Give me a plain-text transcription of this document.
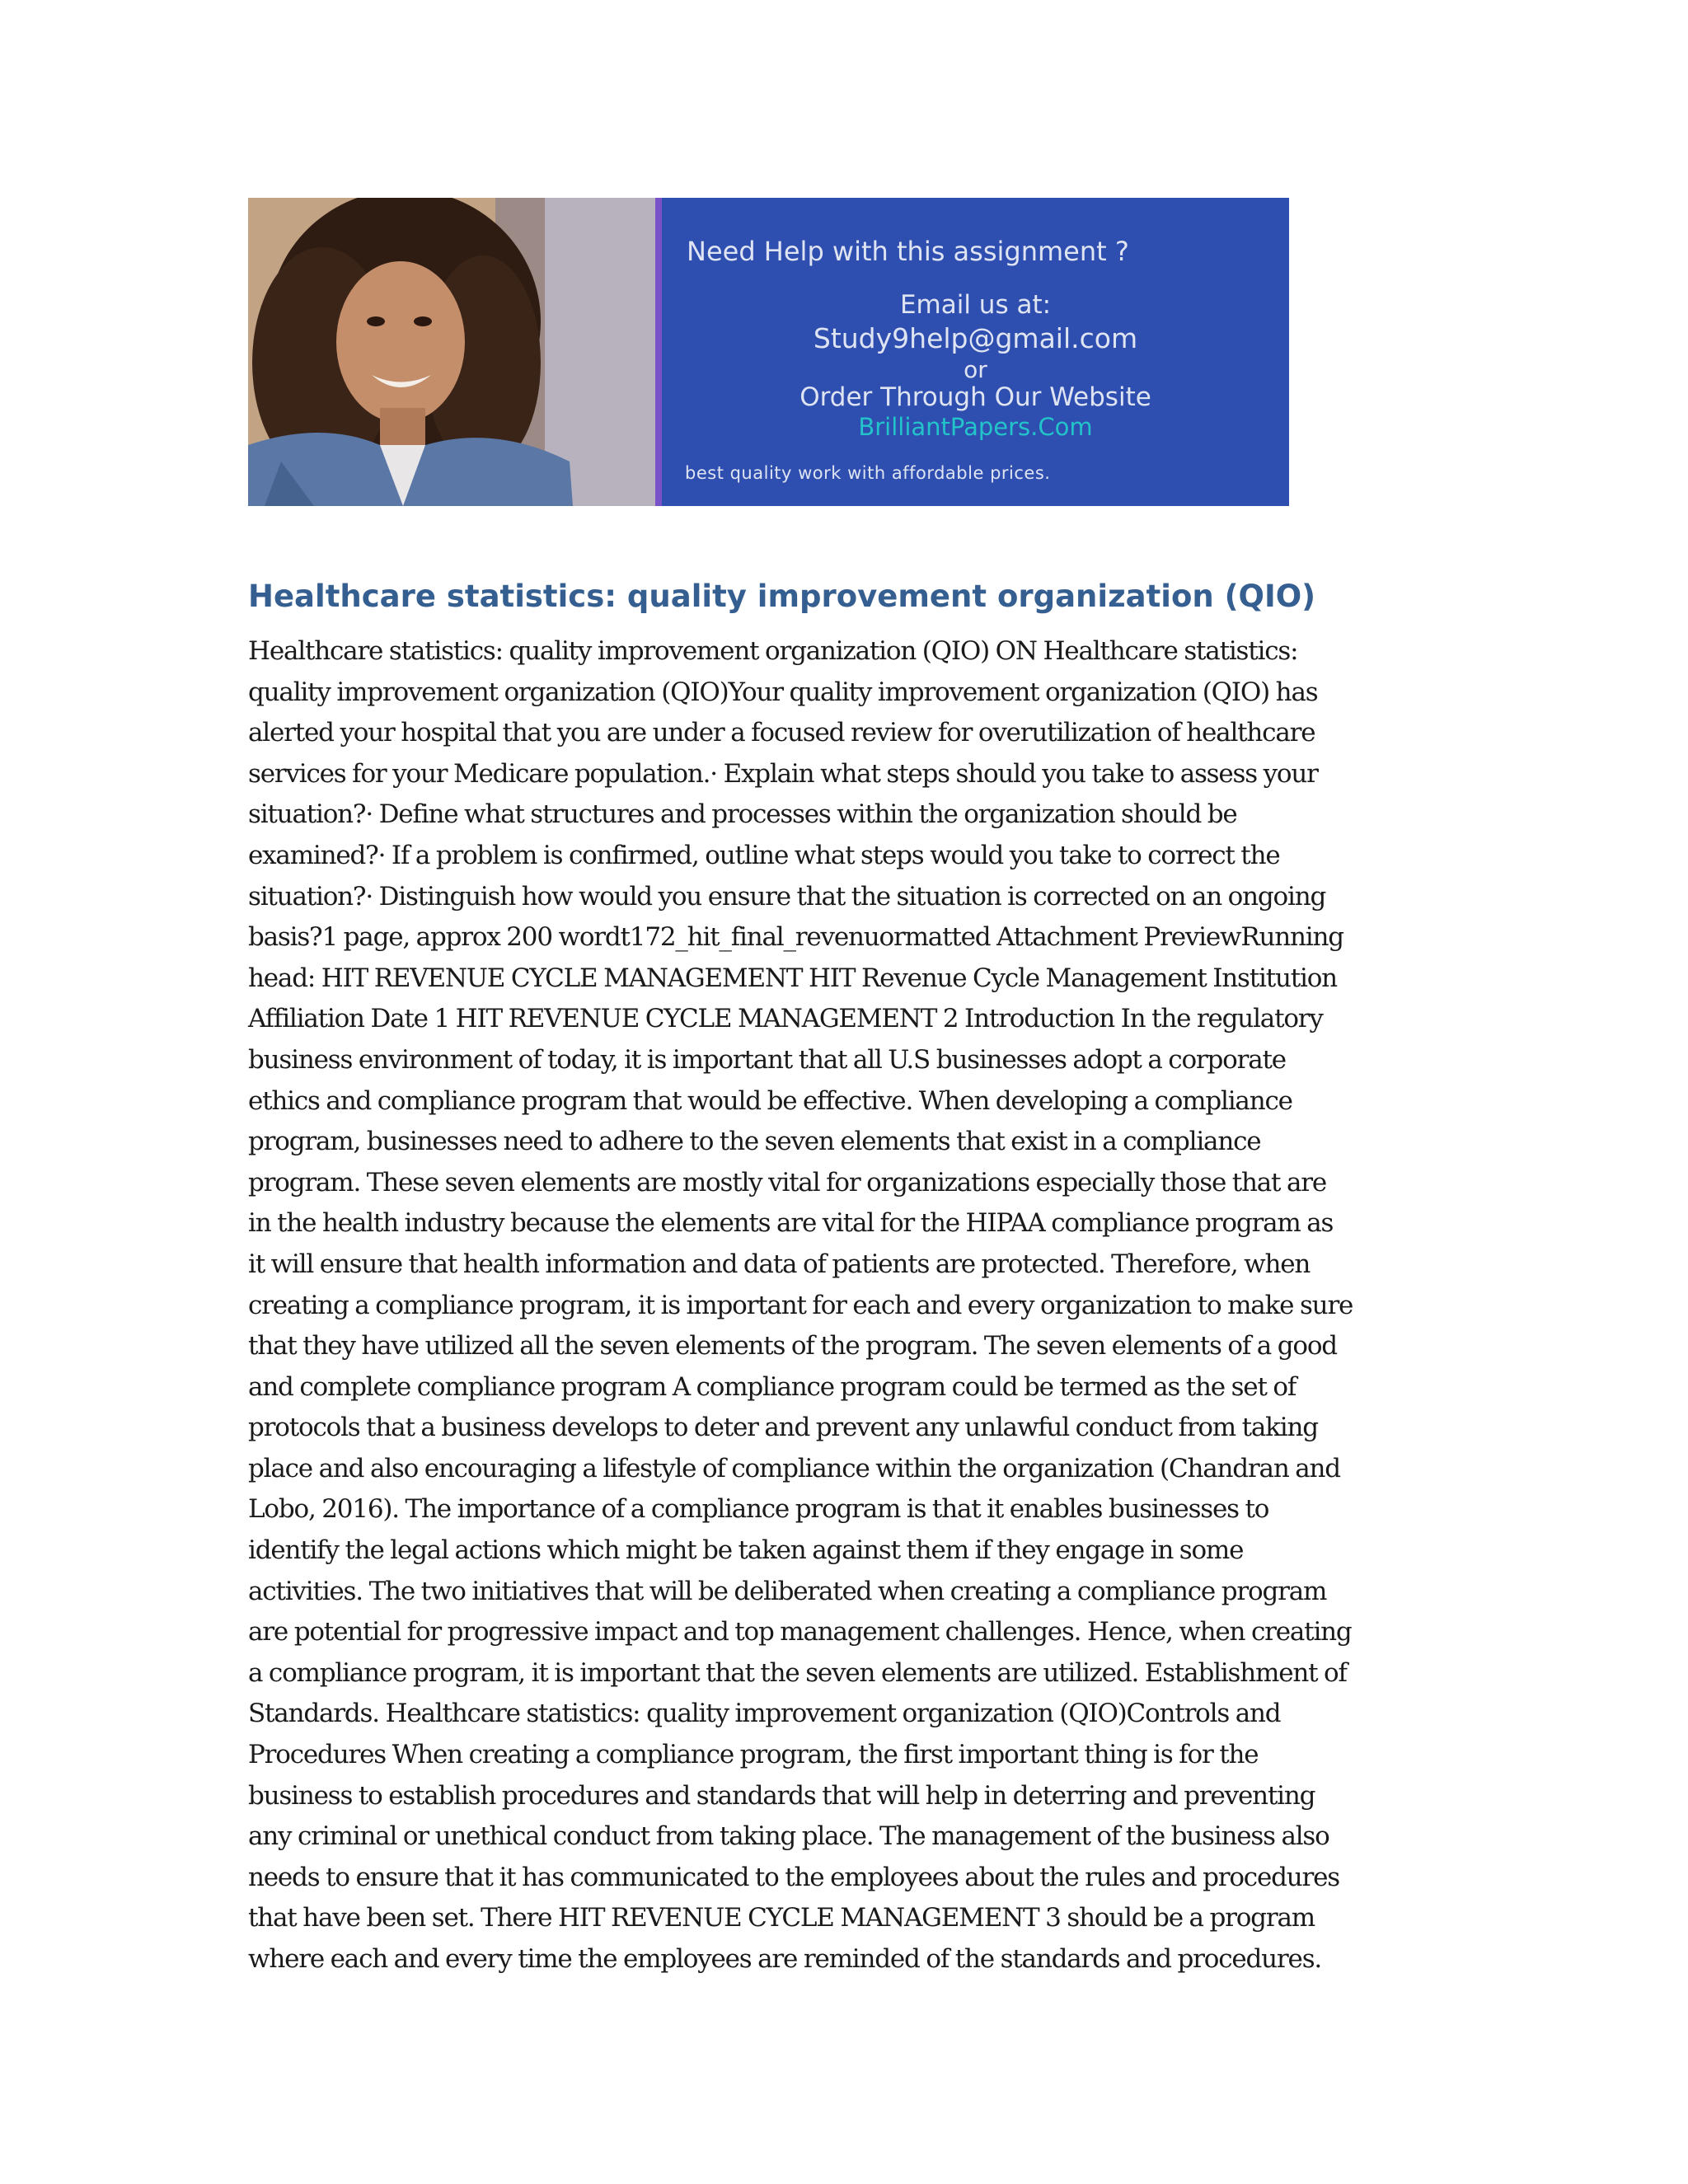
Need Help with this assignment ?
Email us at:
Study9help@gmail.com
or
Order Through Our Website
BrilliantPapers.Com
best quality work with affordable prices.
Healthcare statistics: quality improvement organization (QIO)

Healthcare statistics: quality improvement organization (QIO) ON Healthcare statistics:
quality improvement organization (QIO)Your quality improvement organization (QIO) has
alerted your hospital that you are under a focused review for overutilization of healthcare
services for your Medicare population.· Explain what steps should you take to assess your
situation?· Define what structures and processes within the organization should be
examined?· If a problem is confirmed, outline what steps would you take to correct the
situation?· Distinguish how would you ensure that the situation is corrected on an ongoing
basis?1 page, approx 200 wordt172_hit_final_revenuormatted Attachment PreviewRunning
head: HIT REVENUE CYCLE MANAGEMENT HIT Revenue Cycle Management Institution
Affiliation Date 1 HIT REVENUE CYCLE MANAGEMENT 2 Introduction In the regulatory
business environment of today, it is important that all U.S businesses adopt a corporate
ethics and compliance program that would be effective. When developing a compliance
program, businesses need to adhere to the seven elements that exist in a compliance
program. These seven elements are mostly vital for organizations especially those that are
in the health industry because the elements are vital for the HIPAA compliance program as
it will ensure that health information and data of patients are protected. Therefore, when
creating a compliance program, it is important for each and every organization to make sure
that they have utilized all the seven elements of the program. The seven elements of a good
and complete compliance program A compliance program could be termed as the set of
protocols that a business develops to deter and prevent any unlawful conduct from taking
place and also encouraging a lifestyle of compliance within the organization (Chandran and
Lobo, 2016). The importance of a compliance program is that it enables businesses to
identify the legal actions which might be taken against them if they engage in some
activities. The two initiatives that will be deliberated when creating a compliance program
are potential for progressive impact and top management challenges. Hence, when creating
a compliance program, it is important that the seven elements are utilized. Establishment of
Standards. Healthcare statistics: quality improvement organization (QIO)Controls and
Procedures When creating a compliance program, the first important thing is for the
business to establish procedures and standards that will help in deterring and preventing
any criminal or unethical conduct from taking place. The management of the business also
needs to ensure that it has communicated to the employees about the rules and procedures
that have been set. There HIT REVENUE CYCLE MANAGEMENT 3 should be a program
where each and every time the employees are reminded of the standards and procedures.
